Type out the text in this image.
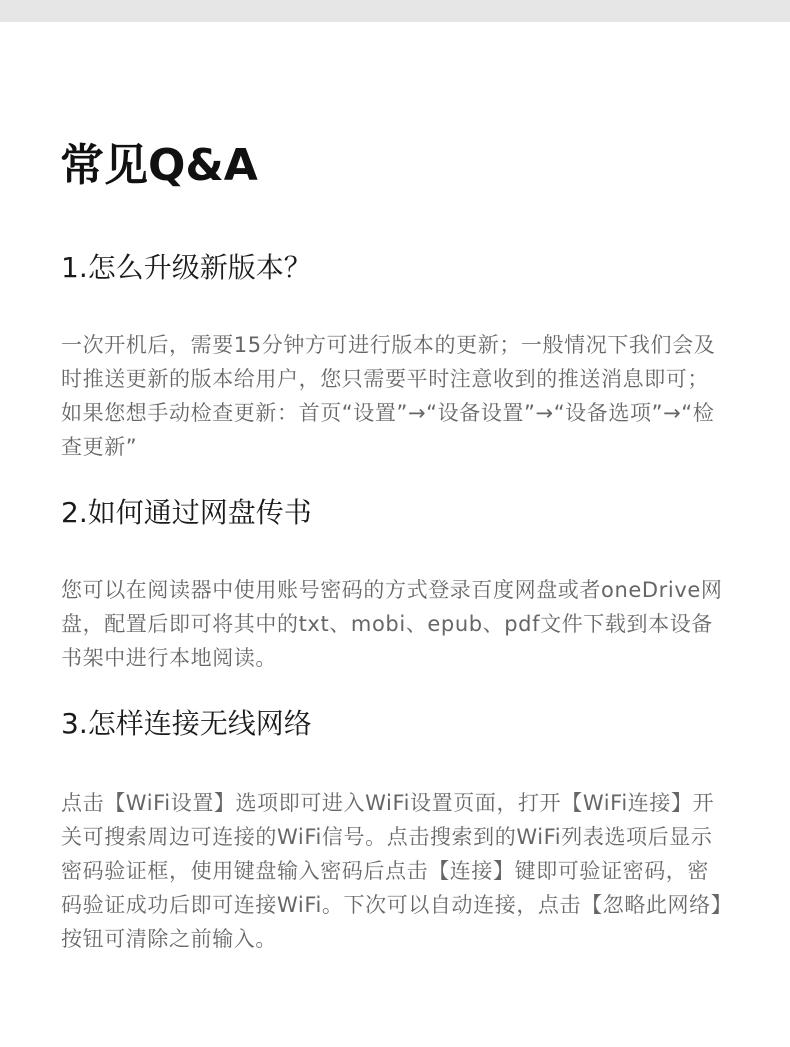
常见Q&A
1.怎么升级新版本？

一次开机后，需要15分钟方可进行版本的更新；一般情况下我们会及时推送更新的版本给用户，您只需要平时注意收到的推送消息即可；如果您想手动检查更新：首页“设置”→“设备设置”→“设备选项”→“检查更新”

2.如何通过网盘传书

您可以在阅读器中使用账号密码的方式登录百度网盘或者oneDrive网盘，配置后即可将其中的txt、mobi、epub、pdf文件下载到本设备书架中进行本地阅读。

3.怎样连接无线网络

点击【WiFi设置】选项即可进入WiFi设置页面，打开【WiFi连接】开关可搜索周边可连接的WiFi信号。点击搜索到的WiFi列表选项后显示密码验证框，使用键盘输入密码后点击【连接】键即可验证密码，密码验证成功后即可连接WiFi。下次可以自动连接，点击【忽略此网络】按钮可清除之前输入。
